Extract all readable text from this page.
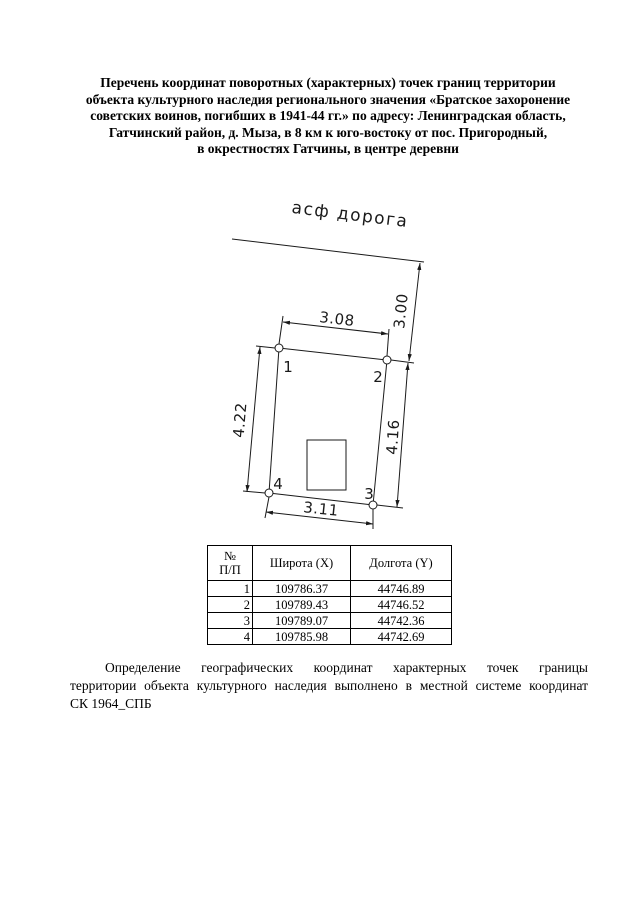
Перечень координат поворотных (характерных) точек границ территории
объекта культурного наследия регионального значения «Братское захоронение
советских воинов, погибших в 1941-44 гг.» по адресу: Ленинградская область,
Гатчинский район, д. Мыза, в 8 км к юго-востоку от пос. Пригородный,
в окрестностях Гатчины, в центре деревни
асф дорога
3.00
3.08
4.22	4.16
3.11
1
2
3
4
№
П/П	Широта (X)	Долгота (Y)
1	109786.37	44746.89
2	109789.43	44746.52
3	109789.07	44742.36
4	109785.98	44742.69
Определение географических координат характерных точек границы
территории объекта культурного наследия выполнено в местной системе координат
СК 1964_СПБ
